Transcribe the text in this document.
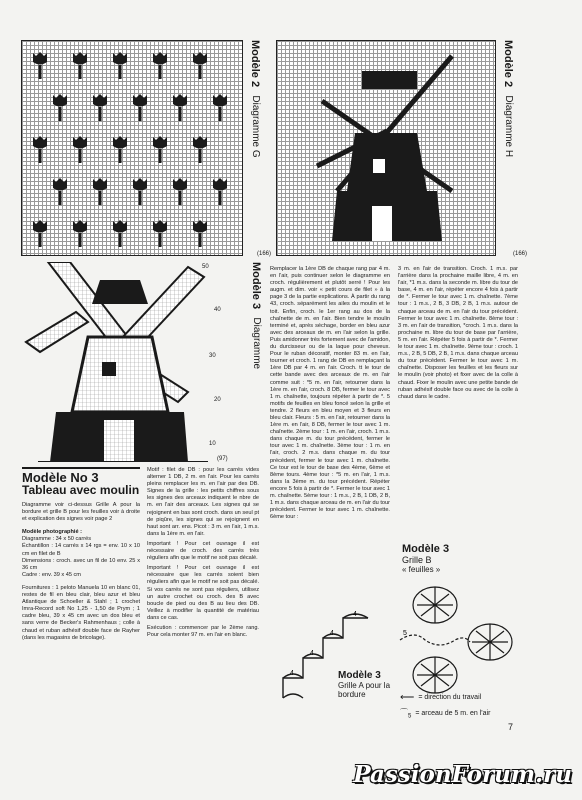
Modèle 2   Diagramme G
(166)
Modèle 2   Diagramme H
(166)
50
40
30
20
10
(97)
Modèle 3   Diagramme
Modèle No 3
Tableau avec moulin
Diagramme voir ci-dessus Grille A pour la bordure et grille B pour les feuilles voir à droite et explication des signes voir page 2
Modèle photographié :
Diagramme : 34 x 50 carrés
Échantillon : 14 carrés x 14 rgs = env. 10 x 10 cm en filet de B
Dimensions : croch. avec un fil de 10 env. 25 x 36 cm
Cadre : env. 39 x 45 cm
Fournitures : 1 peloto Manuela 10 en blanc 01, restes de fil en bleu clair, bleu azur et bleu Atlantique de Schoeller & Stahl ; 1 crochet Imra-Record soft No 1,25 - 1,50 de Prym ; 1 cadre bleu, 39 x 45 cm avec un dos bleu et sans verre de Becker's Rahmenhaus ; colle à chaud et ruban adhésif double face de Rayher (dans les magasins de bricolage).

Motif : filet de DB : pour les carrés vides alterner 1 DB, 2 m. en l'air. Pour les carrés pleins remplacer les m. en l'air par des DB. Signes de la grille : les petits chiffres sous les signes des arceaux indiquent le nbre de m. en l'air des arceaux. Les signes qui se rejoignent en bas sont croch. dans un seul pt de piqûre, les signes qui se rejoignent en haut sont arr. ens. Picot : 3 m. en l'air, 1 m.s. dans la 1ère m. en l'air.

Important ! Pour cet ouvrage il est nécessaire de croch. des carrés très réguliers afin que le motif ne soit pas décalé.

Important ! Pour cet ouvrage il est nécessaire que les carrés soient bien réguliers afin que le motif ne soit pas décalé. Si vos carrés ne sont pas réguliers, utilisez un autre crochet ou croch. des B avec boucle de pied ou des B au lieu des DB. Veillez à modifier la quantité de matériau dans ce cas.

Exécution : commencer par le 2ème rang. Pour cela monter 97 m. en l'air en blanc.

Remplacer la 1ère DB de chaque rang par 4 m. en l'air, puis continuer selon le diagramme en croch. régulièrement et plutôt serré ! Pour les augm. et dim. voir « petit cours de filet » à la page 3 de la partie explications. À partir du rang 43, croch. séparément les ailes du moulin et le toit. Enfin, croch. le 1er rang au dos de la chaînette de m. en l'air. Bien tendre le moulin terminé et, après séchage, border en bleu azur avec des arceaux de m. en l'air selon la grille. Puis amidonner très fortement avec de l'amidon, du durcisseur ou de la laque pour cheveux. Pour le ruban décoratif, monter 83 m. en l'air, tourner et croch. 1 rang de DB en remplaçant la 1ère DB par 4 m. en l'air. Croch. tt le tour de cette bande avec des arceaux de m. en l'air comme suit : *5 m. en l'air, retourner dans la 1ère m. en l'air, croch. 8 DB, fermer le tour avec 1 m. chaînette, toujours répéter à partir de *. 5 motifs de feuilles en bleu foncé selon la grille et tendre. 2 fleurs en bleu moyen et 3 fleurs en bleu clair. Fleurs : 5 m. en l'air, retourner dans la 1ère m. en l'air, 8 DB, fermer le tour avec 1 m. chaînette. 2ème tour : 1 m. en l'air, croch. 1 m.s. dans chaque m. du tour précédent, fermer le tour avec 1 m. chaînette. 3ème tour : 1 m. en l'air, croch. 2 m.s. dans chaque m. du tour précédent, fermer le tour avec 1 m. chaînette. Ce tour est le tour de base des 4ème, 6ème et 8ème tours. 4ème tour : *5 m. en l'air, 1 m.s. dans la 3ème m. du tour précédent. Répéter encore 5 fois à partir de *. Fermer le tour avec 1 m. chaînette. 5ème tour : 1 m.s., 2 B, 1 DB, 2 B, 1 m.s. dans chaque arceau de m. en l'air du tour précédent. Fermer le tour avec 1 m. chaînette. 6ème tour :

3 m. en l'air de transition. Croch. 1 m.s. par l'arrière dans la prochaine maille libre, 4 m. en l'air, *1 m.s. dans la seconde m. libre du tour de base, 4 m. en l'air, répéter encore 4 fois à partir de *. Fermer le tour avec 1 m. chaînette. 7ème tour : 1 m.s., 2 B, 3 DB, 2 B, 1 m.s. autour de chaque arceau de m. en l'air du tour précédent. Fermer le tour avec 1 m. chaînette. 8ème tour : 3 m. en l'air de transition, *croch. 1 m.s. dans la prochaine m. libre du tour de base par l'arrière, 5 m. en l'air. Répéter 5 fois à partir de *. Fermer le tour avec 1 m. chaînette. 9ème tour : croch. 1 m.s., 2 B, 5 DB, 2 B, 1 m.s. dans chaque arceau du tour précédent. Fermer le tour avec 1 m. chaînette. Disposer les feuilles et les fleurs sur le moulin (voir photo) et fixer avec de la colle à chaud. Fixer le moulin avec une petite bande de ruban adhésif double face ou avec de la colle à chaud dans le cadre.

Modèle 3
Grille B
« feuilles »
5
4
4
4
4
Modèle 3
Grille A pour la bordure	⟵ = direction du travail
$⌒_5$ = arceau de 5 m. en l'air
7
PassionForum.ru
